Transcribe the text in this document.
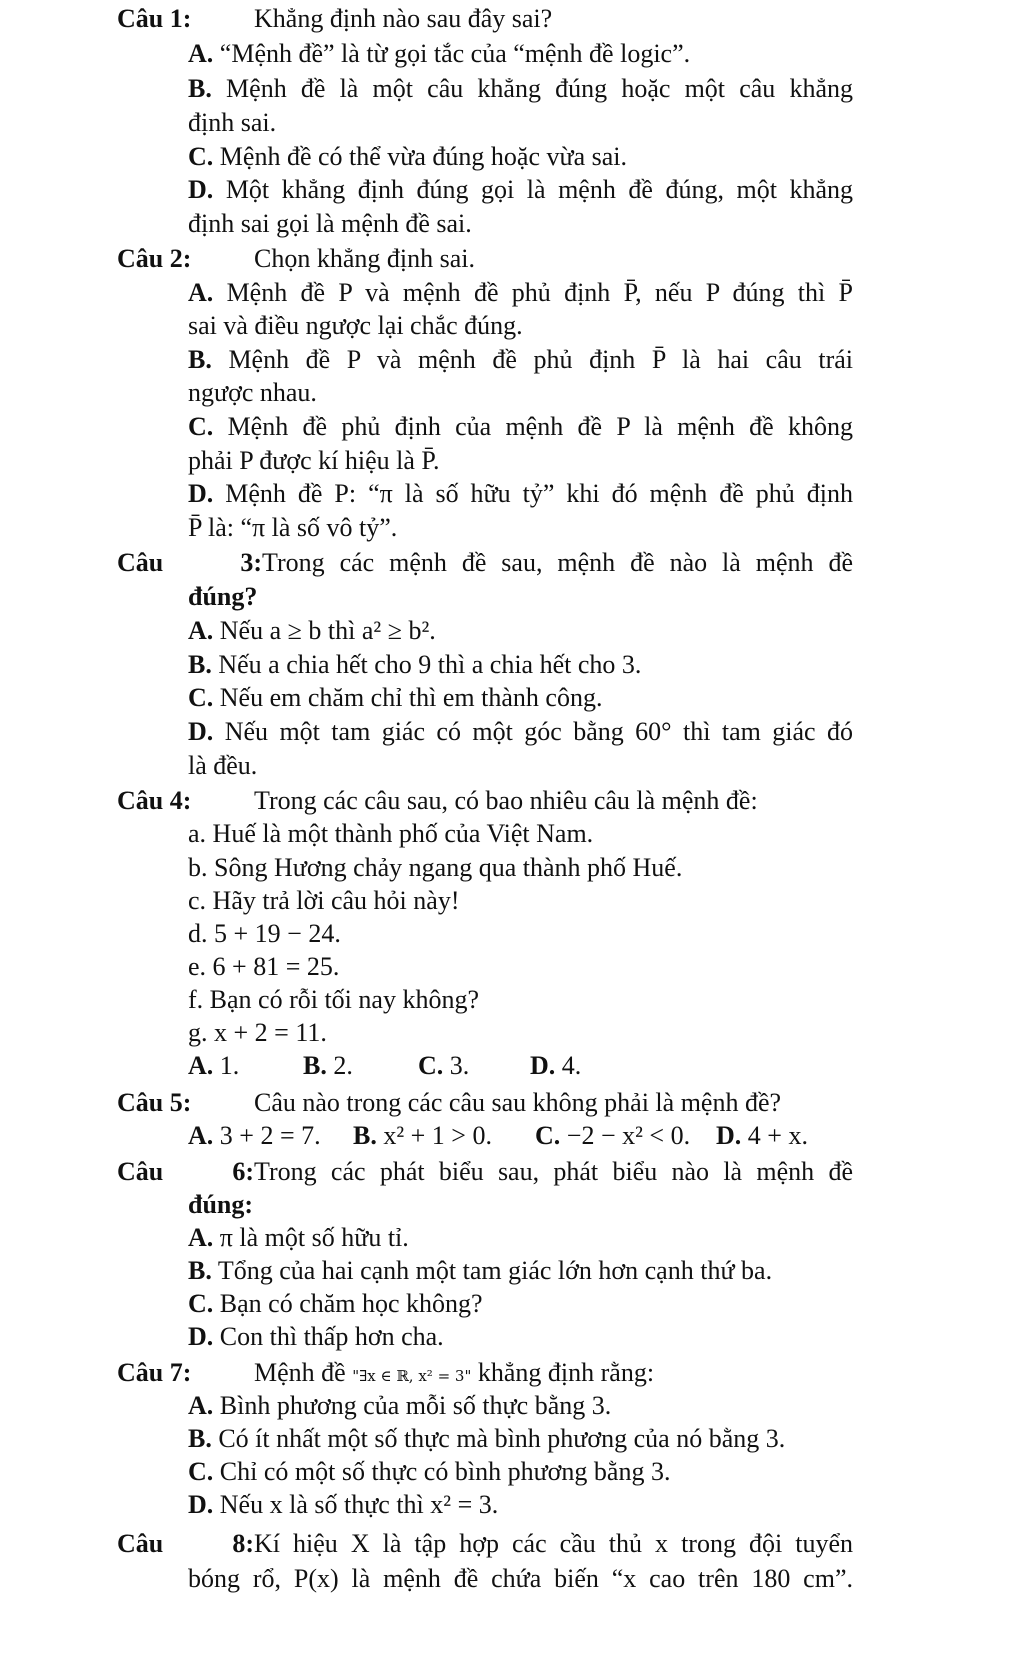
Câu 1: Khẳng định nào sau đây sai?
A. “Mệnh đề” là từ gọi tắc của “mệnh đề logic”.
B. Mệnh đề là một câu khẳng đúng hoặc một câu khẳng
định sai.
C. Mệnh đề có thể vừa đúng hoặc vừa sai.
D. Một khẳng định đúng gọi là mệnh đề đúng, một khẳng
định sai gọi là mệnh đề sai.
Câu 2: Chọn khẳng định sai.
A. Mệnh đề P và mệnh đề phủ định P̄, nếu P đúng thì P̄
sai và điều ngược lại chắc đúng.
B. Mệnh đề P và mệnh đề phủ định P̄ là hai câu trái
ngược nhau.
C. Mệnh đề phủ định của mệnh đề P là mệnh đề không
phải P được kí hiệu là P̄.
D. Mệnh đề P: “π là số hữu tỷ” khi đó mệnh đề phủ định
P̄ là: “π là số vô tỷ”.
Câu 3:Trong các mệnh đề sau, mệnh đề nào là mệnh đề
đúng?
A. Nếu a ≥ b thì a² ≥ b².
B. Nếu a chia hết cho 9 thì a chia hết cho 3.
C. Nếu em chăm chỉ thì em thành công.
D. Nếu một tam giác có một góc bằng 60° thì tam giác đó
là đều.
Câu 4: Trong các câu sau, có bao nhiêu câu là mệnh đề:
a. Huế là một thành phố của Việt Nam.
b. Sông Hương chảy ngang qua thành phố Huế.
c. Hãy trả lời câu hỏi này!
d. 5 + 19 − 24.
e. 6 + 81 = 25.
f. Bạn có rỗi tối nay không?
g. x + 2 = 11.
A. 1. B. 2.	C. 3. D. 4.
Câu 5: Câu nào trong các câu sau không phải là mệnh đề?
A. 3 + 2 = 7. B. x² + 1 > 0. C. −2 − x² < 0. D. 4 + x.
Câu 6:Trong các phát biểu sau, phát biểu nào là mệnh đề
đúng:
A. π là một số hữu tỉ.
B. Tổng của hai cạnh một tam giác lớn hơn cạnh thứ ba.
C. Bạn có chăm học không?
D. Con thì thấp hơn cha.
Câu 7: Mệnh đề "∃x ∈ ℝ, x² = 3" khẳng định rằng:
A. Bình phương của mỗi số thực bằng 3.
B. Có ít nhất một số thực mà bình phương của nó bằng 3.
C. Chỉ có một số thực có bình phương bằng 3.
D. Nếu x là số thực thì x² = 3.
Câu 8:Kí hiệu X là tập hợp các cầu thủ x trong đội tuyển
bóng rổ, P(x) là mệnh đề chứa biến “x cao trên 180 cm”.
